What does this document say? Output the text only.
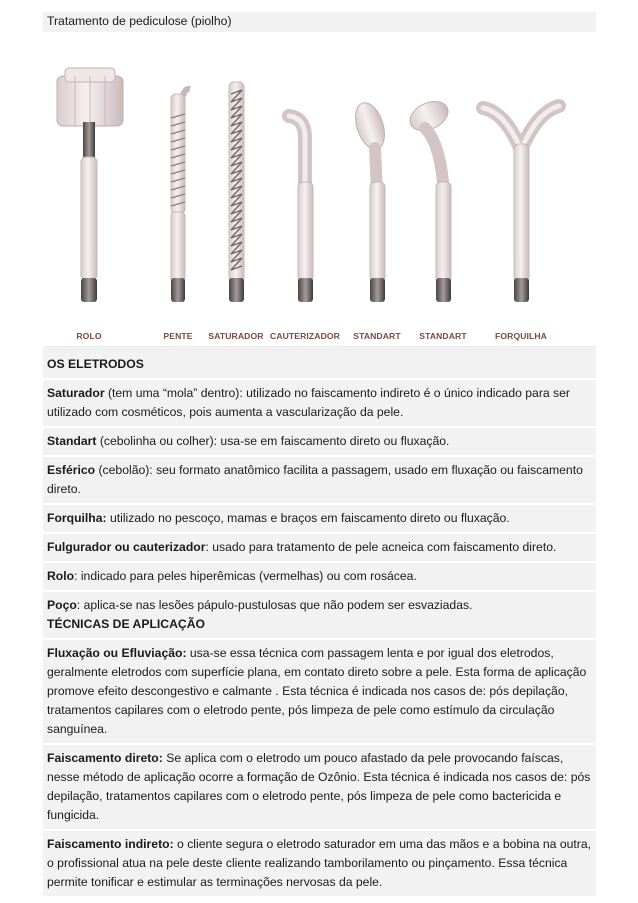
Tratamento de pediculose (piolho)
ROLO	PENTE SATURADOR CAUTERIZADOR STANDART STANDART	FORQUILHA
OS ELETRODOS
Saturador (tem uma “mola” dentro): utilizado no faiscamento indireto é o único indicado para ser utilizado com cosméticos, pois aumenta a vascularização da pele.
Standart (cebolinha ou colher): usa-se em faiscamento direto ou fluxação.
Esférico (cebolão): seu formato anatômico facilita a passagem, usado em fluxação ou faiscamento direto.
Forquilha: utilizado no pescoço, mamas e braços em faiscamento direto ou fluxação.
Fulgurador ou cauterizador: usado para tratamento de pele acneica com faiscamento direto.
Rolo: indicado para peles hiperêmicas (vermelhas) ou com rosácea.
Poço: aplica-se nas lesões pápulo-pustulosas que não podem ser esvaziadas.
TÉCNICAS DE APLICAÇÃO
Fluxação ou Efluviação: usa-se essa técnica com passagem lenta e por igual dos eletrodos, geralmente eletrodos com superfície plana, em contato direto sobre a pele. Esta forma de aplicação promove efeito descongestivo e calmante . Esta técnica é indicada nos casos de: pós depilação, tratamentos capilares com o eletrodo pente, pós limpeza de pele como estímulo da circulação sanguínea.
Faiscamento direto: Se aplica com o eletrodo um pouco afastado da pele provocando faíscas, nesse método de aplicação ocorre a formação de Ozônio. Esta técnica é indicada nos casos de: pós depilação, tratamentos capilares com o eletrodo pente, pós limpeza de pele como bactericida e fungicida.
Faiscamento indireto: o cliente segura o eletrodo saturador em uma das mãos e a bobina na outra, o profissional atua na pele deste cliente realizando tamborilamento ou pinçamento. Essa técnica permite tonificar e estimular as terminações nervosas da pele.
